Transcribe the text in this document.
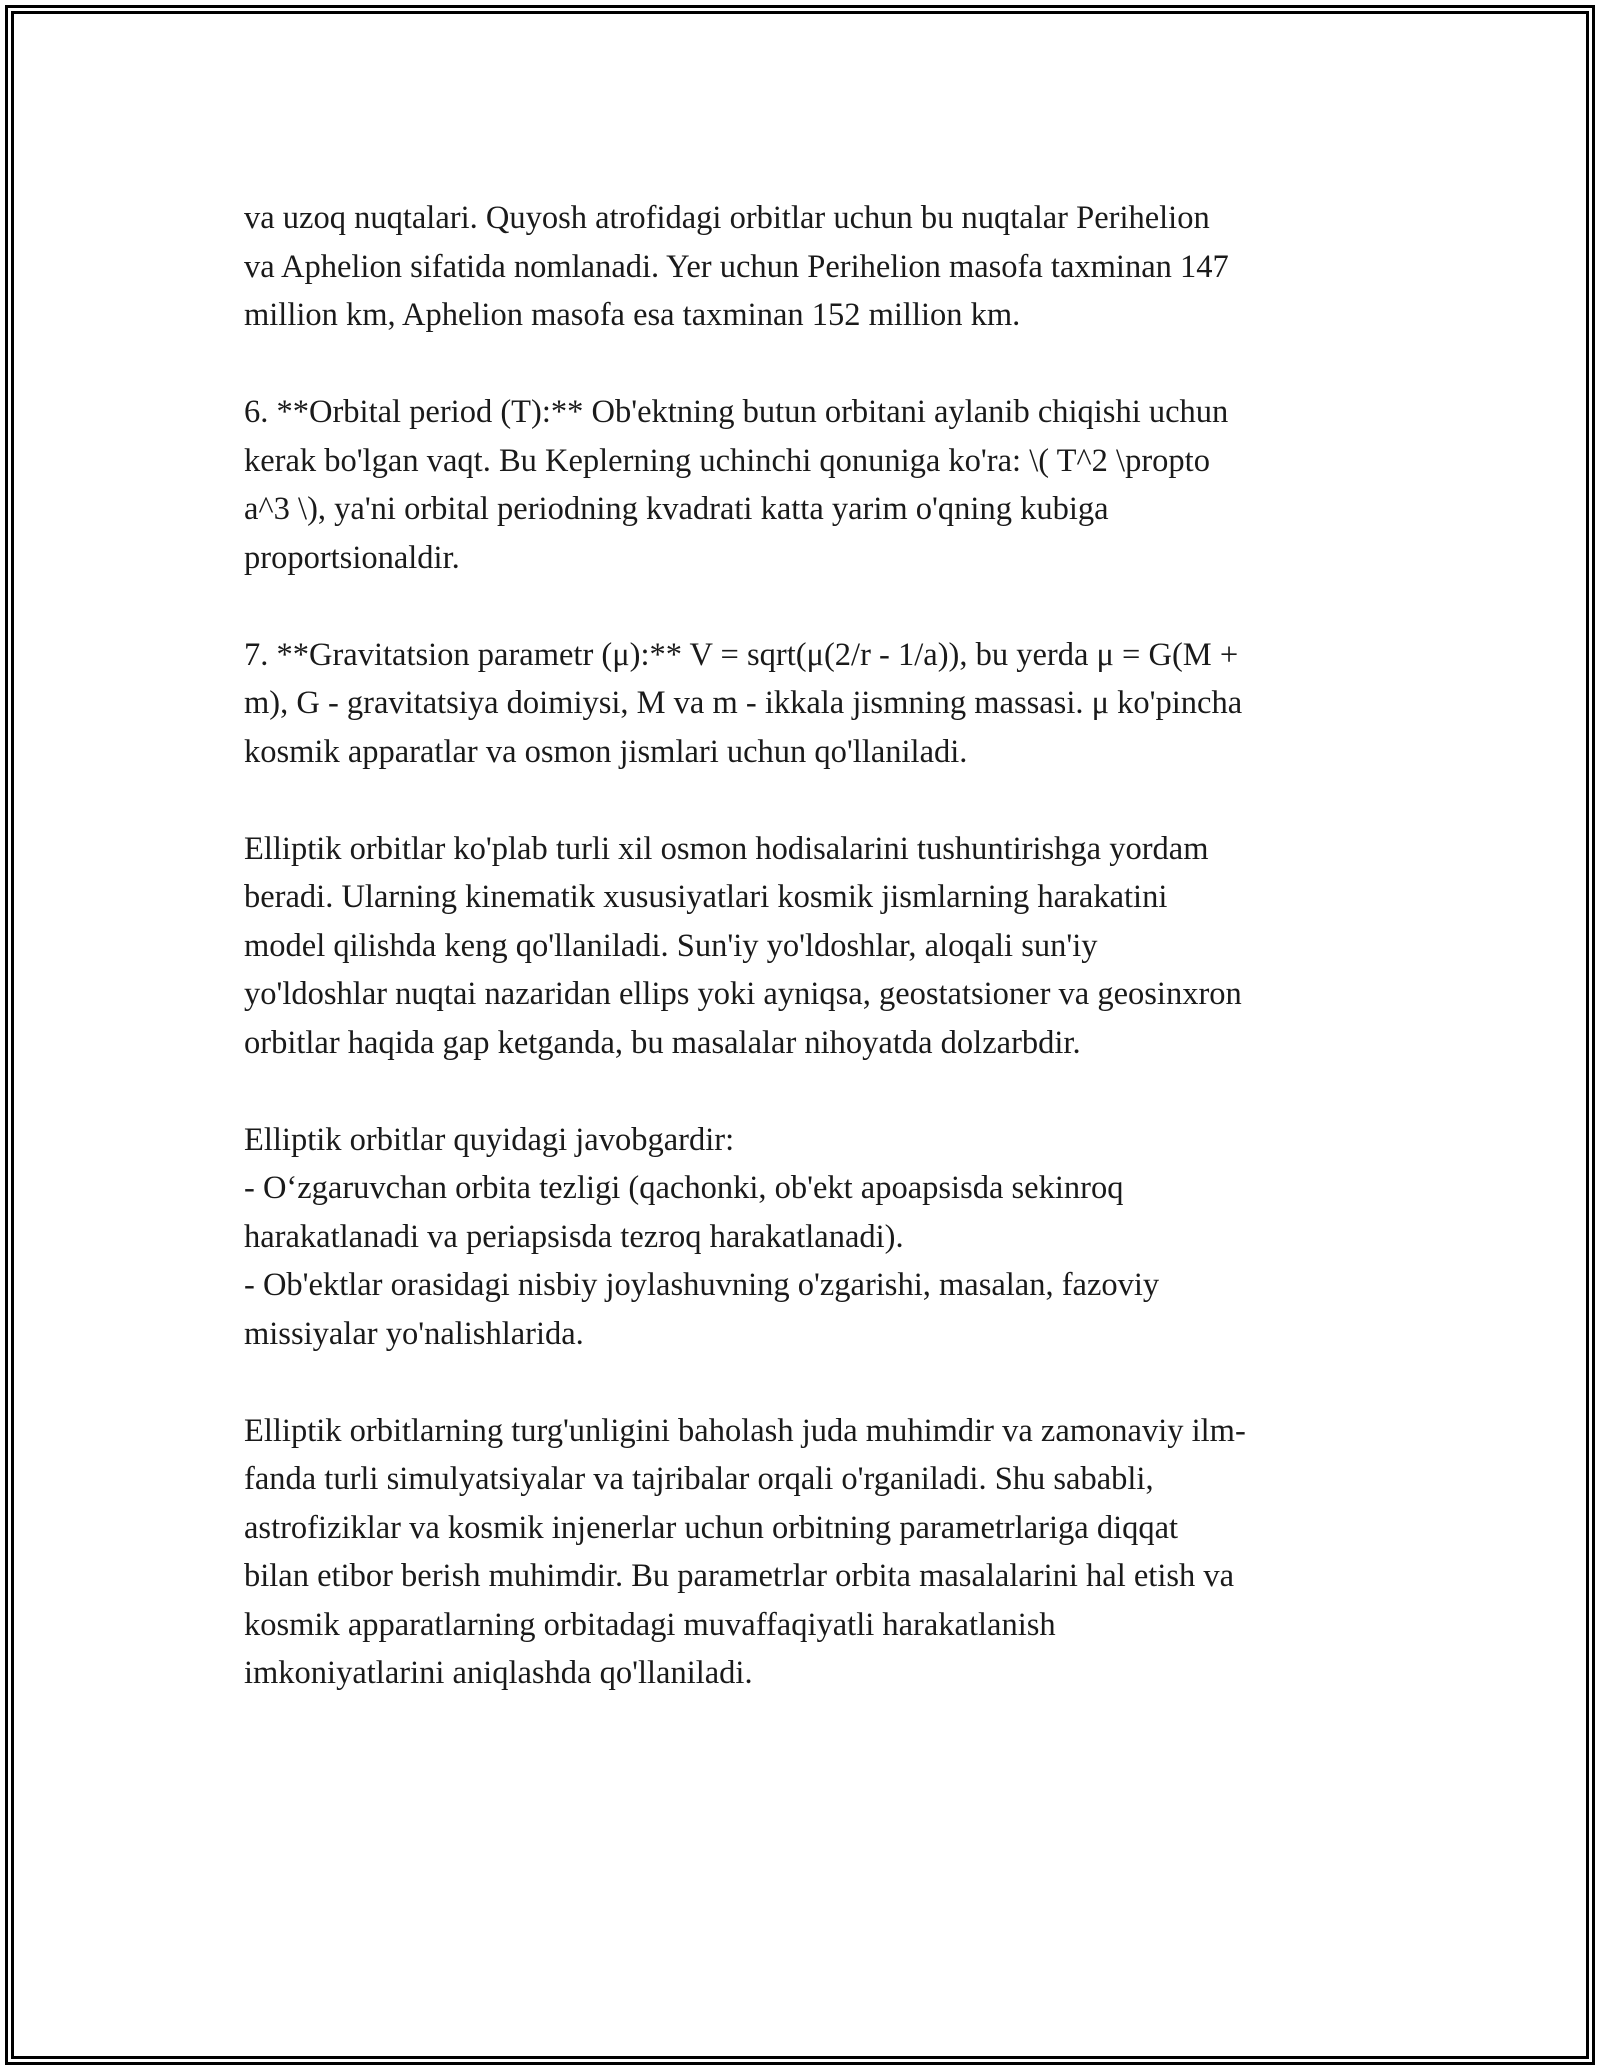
va uzoq nuqtalari. Quyosh atrofidagi orbitlar uchun bu nuqtalar Perihelion
va Aphelion sifatida nomlanadi. Yer uchun Perihelion masofa taxminan 147
million km, Aphelion masofa esa taxminan 152 million km.

6. **Orbital period (T):** Ob'ektning butun orbitani aylanib chiqishi uchun
kerak bo'lgan vaqt. Bu Keplerning uchinchi qonuniga ko'ra: \( T^2 \propto
a^3 \), ya'ni orbital periodning kvadrati katta yarim o'qning kubiga
proportsionaldir.

7. **Gravitatsion parametr (μ):** V = sqrt(μ(2/r - 1/a)), bu yerda μ = G(M +
m), G - gravitatsiya doimiysi, M va m - ikkala jismning massasi. μ ko'pincha
kosmik apparatlar va osmon jismlari uchun qo'llaniladi.

Elliptik orbitlar ko'plab turli xil osmon hodisalarini tushuntirishga yordam
beradi. Ularning kinematik xususiyatlari kosmik jismlarning harakatini
model qilishda keng qo'llaniladi. Sun'iy yo'ldoshlar, aloqali sun'iy
yo'ldoshlar nuqtai nazaridan ellips yoki ayniqsa, geostatsioner va geosinxron
orbitlar haqida gap ketganda, bu masalalar nihoyatda dolzarbdir.

Elliptik orbitlar quyidagi javobgardir:
- O‘zgaruvchan orbita tezligi (qachonki, ob'ekt apoapsisda sekinroq
harakatlanadi va periapsisda tezroq harakatlanadi).
- Ob'ektlar orasidagi nisbiy joylashuvning o'zgarishi, masalan, fazoviy
missiyalar yo'nalishlarida.

Elliptik orbitlarning turg'unligini baholash juda muhimdir va zamonaviy ilm-
fanda turli simulyatsiyalar va tajribalar orqali o'rganiladi. Shu sababli,
astrofiziklar va kosmik injenerlar uchun orbitning parametrlariga diqqat
bilan etibor berish muhimdir. Bu parametrlar orbita masalalarini hal etish va
kosmik apparatlarning orbitadagi muvaffaqiyatli harakatlanish
imkoniyatlarini aniqlashda qo'llaniladi.
